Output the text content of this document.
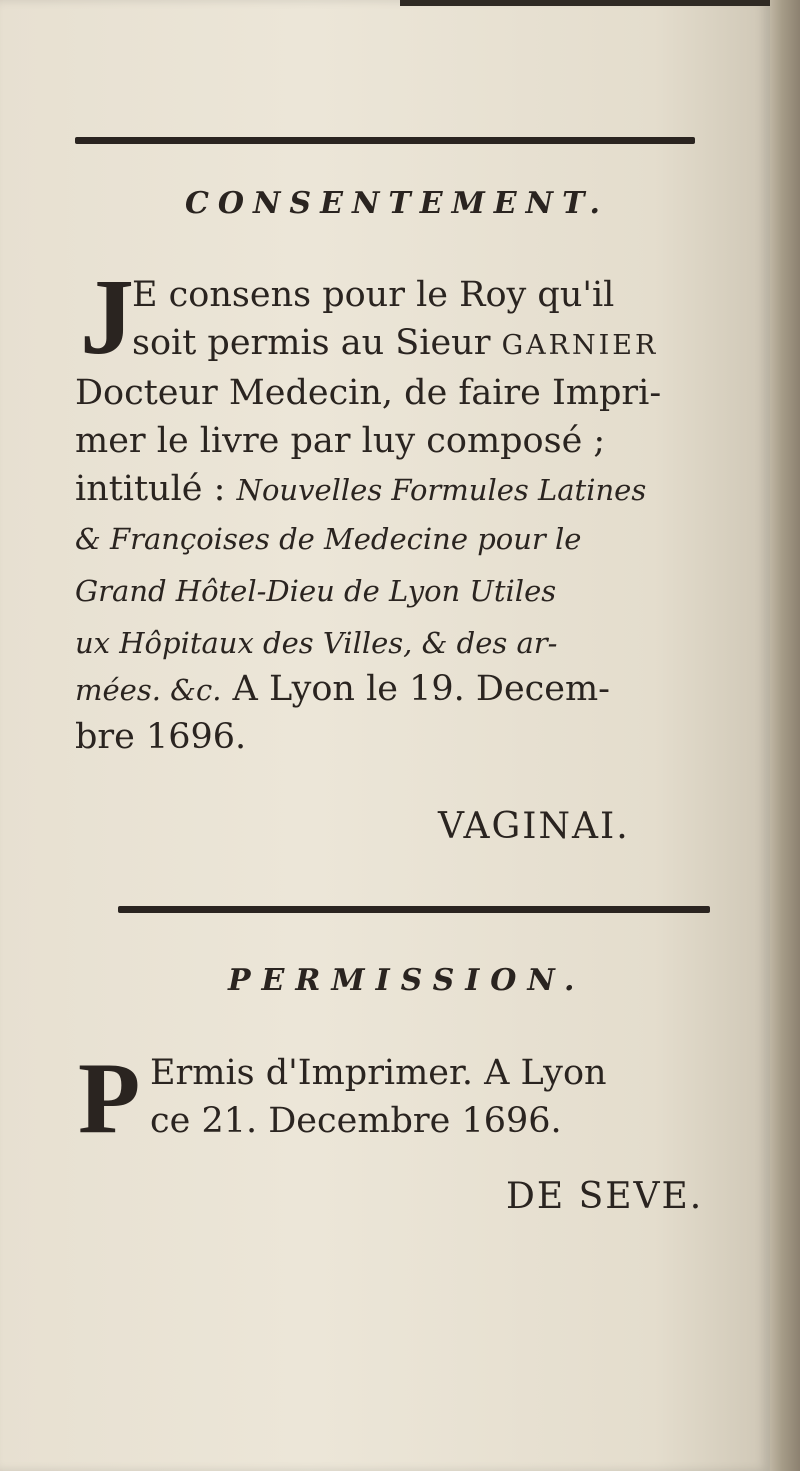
CONSENTEMENT.
J
E consens pour le Roy qu'il
soit permis au Sieur GARNIER
Docteur Medecin, de faire Impri-
mer le livre par luy composé ;
intitulé : Nouvelles Formules Latines
& Françoises de Medecine pour le
Grand Hôtel-Dieu de Lyon Utiles
ux Hôpitaux des Villes, & des ar-
mées. &c. A Lyon le 19. Decem-
bre 1696.
VAGINAI.
PERMISSION.
P Ermis d'Imprimer. A Lyon
ce 21. Decembre 1696.
DE SEVE.
